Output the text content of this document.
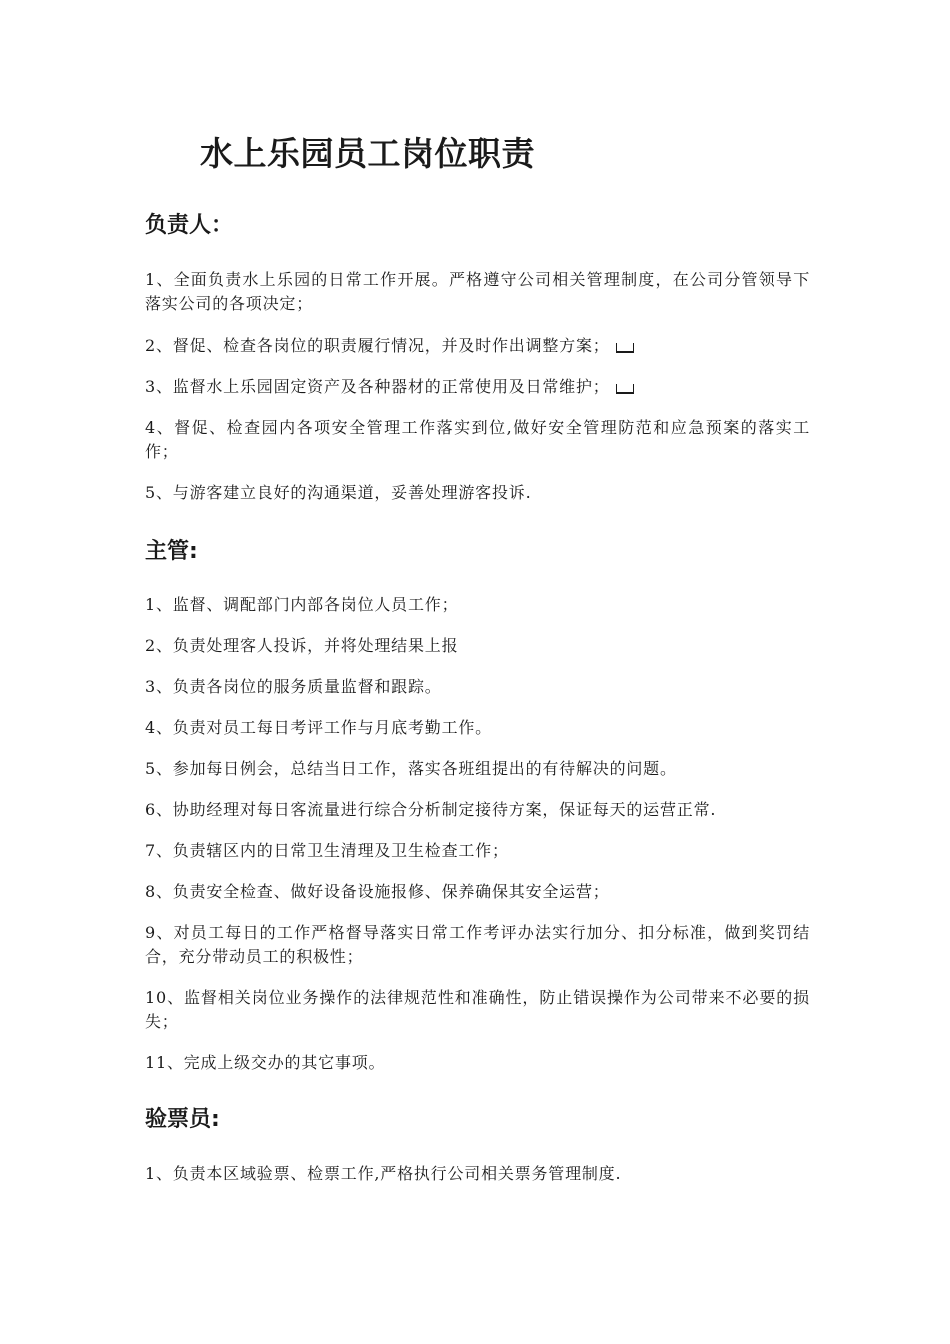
水上乐园员工岗位职责
负责人：

1、全面负责水上乐园的日常工作开展。严格遵守公司相关管理制度，在公司分管领导下落实公司的各项决定；

2、督促、检查各岗位的职责履行情况，并及时作出调整方案；

3、监督水上乐园固定资产及各种器材的正常使用及日常维护；

4、督促、检查园内各项安全管理工作落实到位,做好安全管理防范和应急预案的落实工作；

5、与游客建立良好的沟通渠道，妥善处理游客投诉.

主管:

1、监督、调配部门内部各岗位人员工作；

2、负责处理客人投诉，并将处理结果上报

3、负责各岗位的服务质量监督和跟踪。

4、负责对员工每日考评工作与月底考勤工作。

5、参加每日例会，总结当日工作，落实各班组提出的有待解决的问题。

6、协助经理对每日客流量进行综合分析制定接待方案，保证每天的运营正常.

7、负责辖区内的日常卫生清理及卫生检查工作；

8、负责安全检查、做好设备设施报修、保养确保其安全运营；

9、对员工每日的工作严格督导落实日常工作考评办法实行加分、扣分标准，做到奖罚结合，充分带动员工的积极性；

10、监督相关岗位业务操作的法律规范性和准确性，防止错误操作为公司带来不必要的损失；

11、完成上级交办的其它事项。

验票员:

1、负责本区域验票、检票工作,严格执行公司相关票务管理制度.
